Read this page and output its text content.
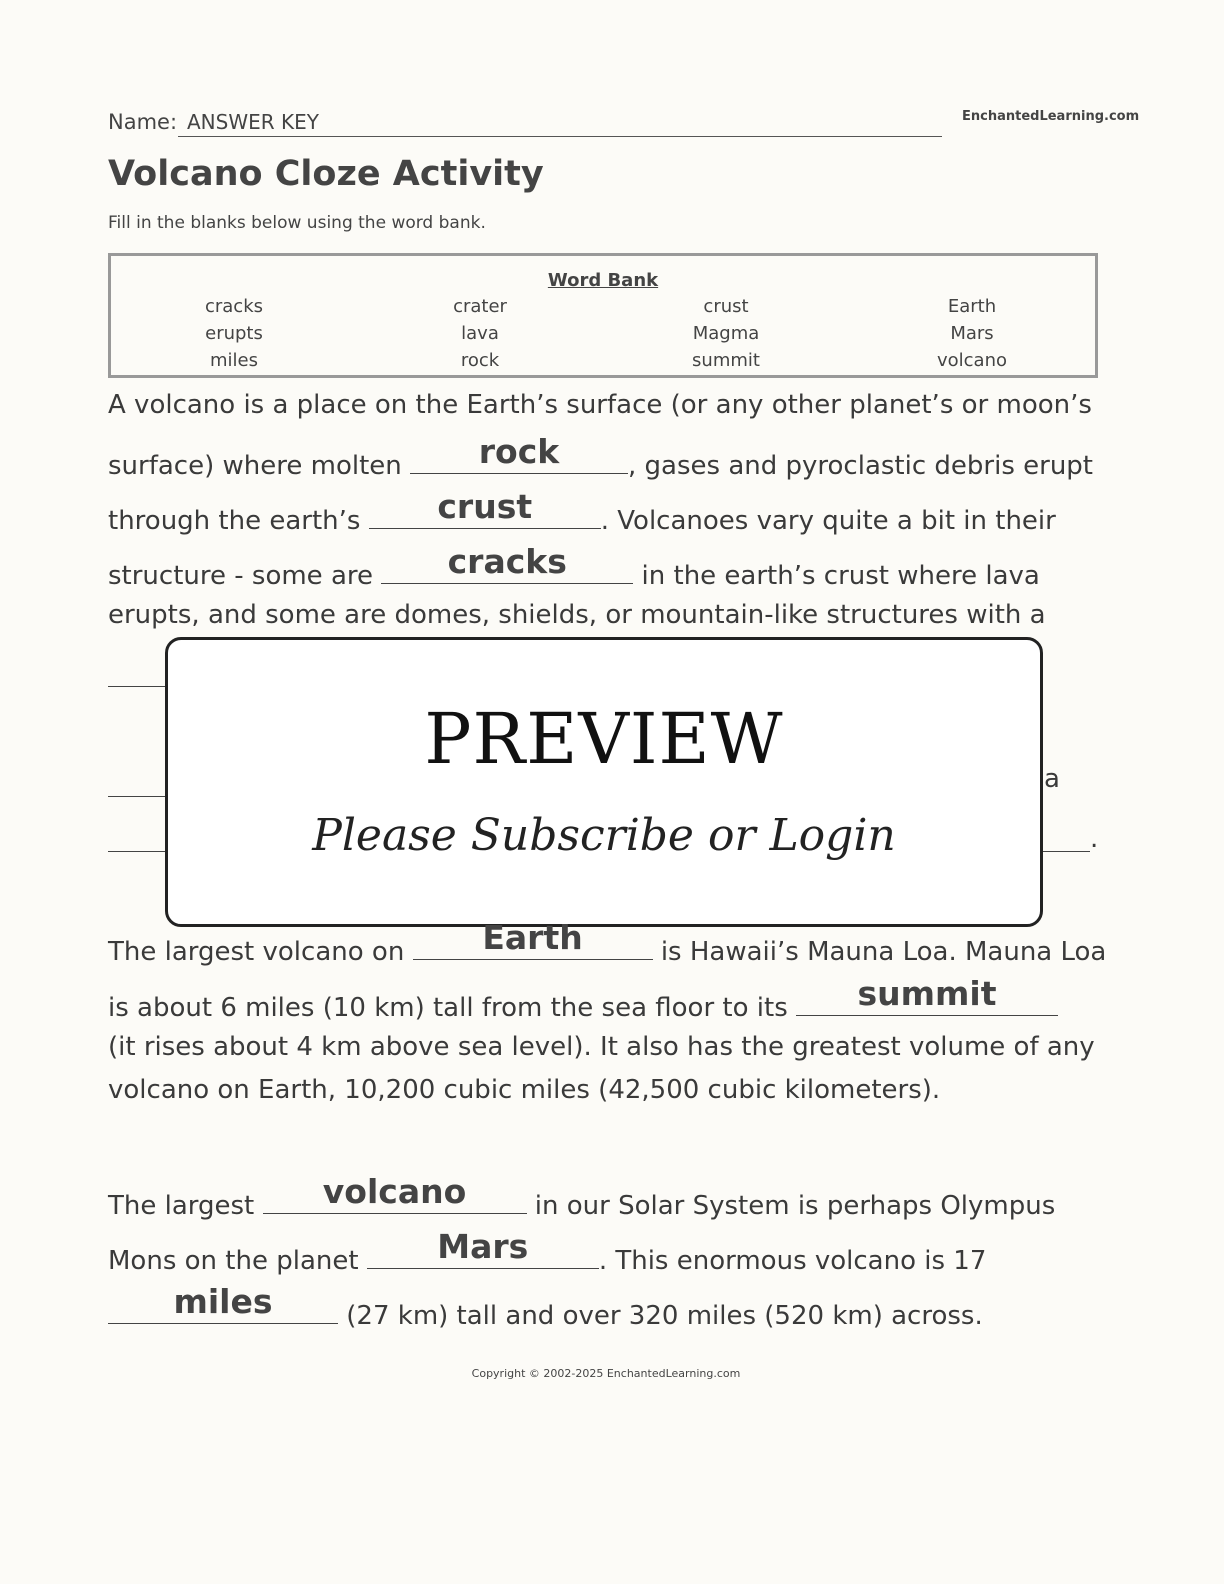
Name: ANSWER KEY	EnchantedLearning.com
Volcano Cloze Activity
Fill in the blanks below using the word bank.
Word Bank
cracks	crater	crust	Earth
erupts	lava	Magma	Mars
miles	rock	summit	volcano
A volcano is a place on the Earth’s surface (or any other planet’s or moon’s
surface) where molten	rock	, gases and pyroclastic debris erupt
through the earth’s	crust	. Volcanoes vary quite a bit in their
structure - some are	cracks	in the earth’s crust where lava
erupts, and some are domes, shields, or mountain-like structures with a
a
.
PREVIEW
Please Subscribe or Login
The largest volcano on	Earth	is Hawaii’s Mauna Loa. Mauna Loa
is about 6 miles (10 km) tall from the sea floor to its	summit
(it rises about 4 km above sea level). It also has the greatest volume of any
volcano on Earth, 10,200 cubic miles (42,500 cubic kilometers).
The largest	volcano	in our Solar System is perhaps Olympus
Mons on the planet	Mars	. This enormous volcano is 17
miles	(27 km) tall and over 320 miles (520 km) across.
Copyright © 2002-2025 EnchantedLearning.com
